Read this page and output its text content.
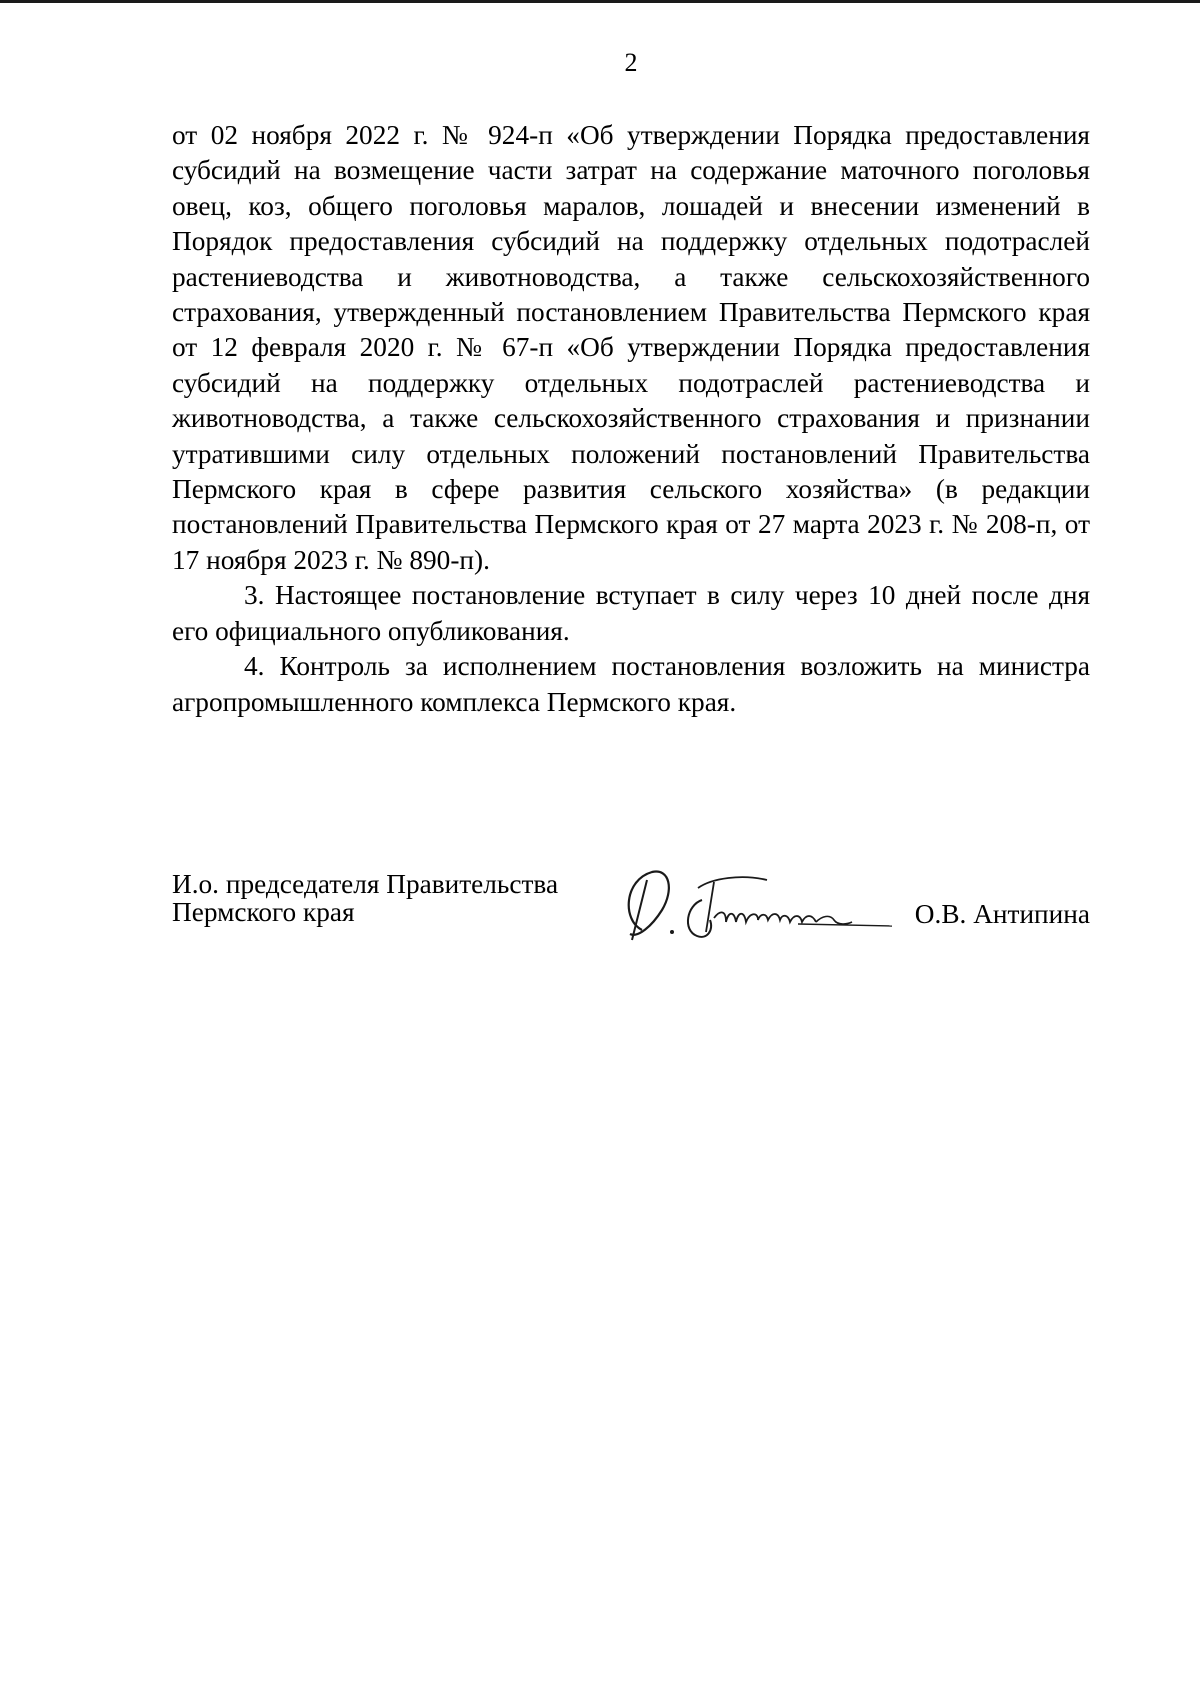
2

от 02 ноября 2022 г. № 924-п «Об утверждении Порядка предоставления субсидий на возмещение части затрат на содержание маточного поголовья овец, коз, общего поголовья маралов, лошадей и внесении изменений в Порядок предоставления субсидий на поддержку отдельных подотраслей растениеводства и животноводства, а также сельскохозяйственного страхования, утвержденный постановлением Правительства Пермского края от 12 февраля 2020 г. № 67-п «Об утверждении Порядка предоставления субсидий на поддержку отдельных подотраслей растениеводства и животноводства, а также сельскохозяйственного страхования и признании утратившими силу отдельных положений постановлений Правительства Пермского края в сфере развития сельского хозяйства» (в редакции постановлений Правительства Пермского края от 27 марта 2023 г. № 208-п, от 17 ноября 2023 г. № 890-п).

3. Настоящее постановление вступает в силу через 10 дней после дня его официального опубликования.

4. Контроль за исполнением постановления возложить на министра агропромышленного комплекса Пермского края.

И.о. председателя Правительства
Пермского края	О.В. Антипина
